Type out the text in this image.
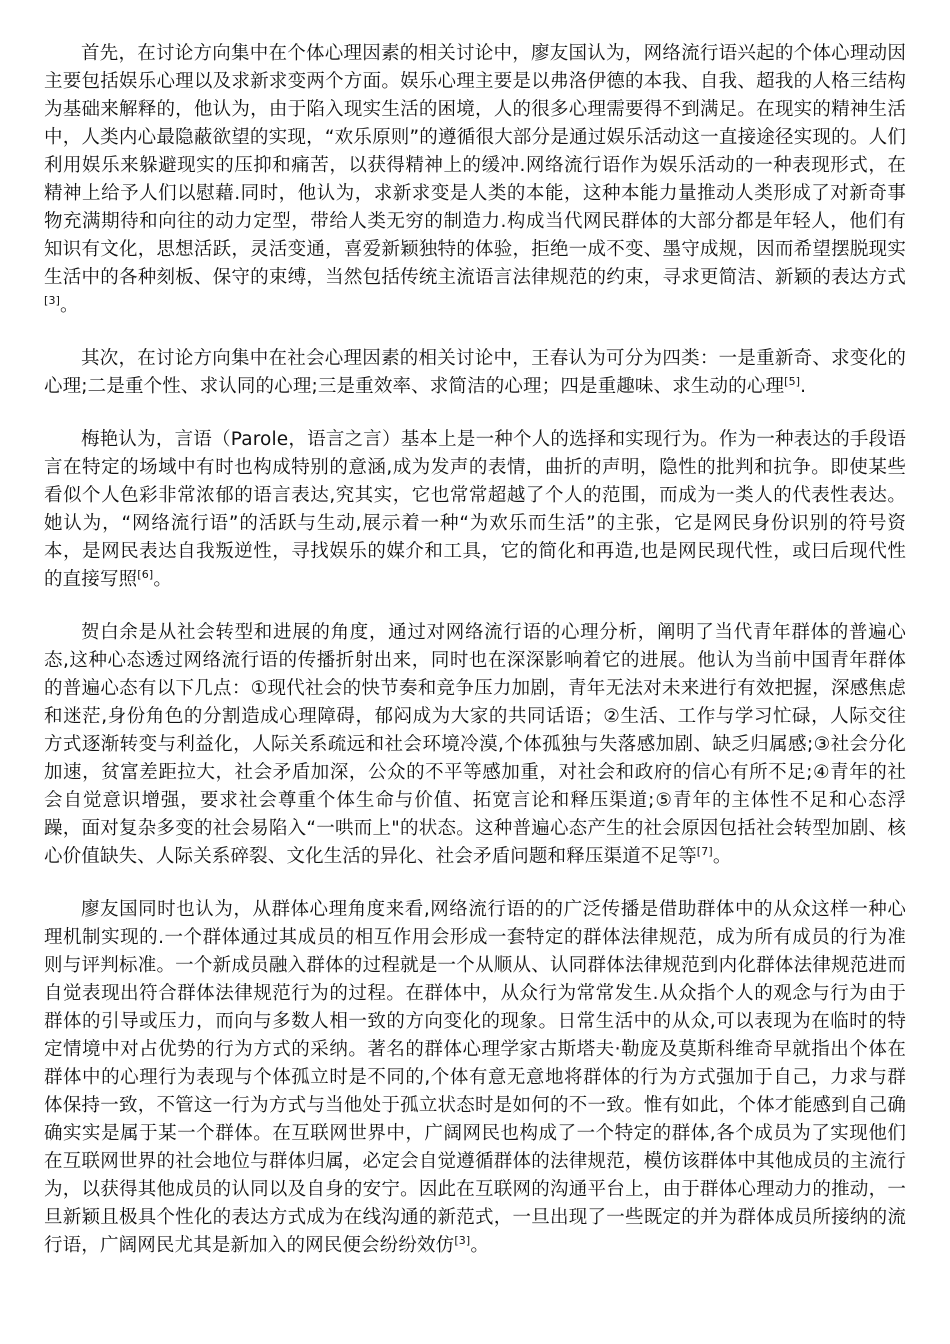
首先，在讨论方向集中在个体心理因素的相关讨论中，廖友国认为，网络流行语兴起的个体心理动因主要包括娱乐心理以及求新求变两个方面。娱乐心理主要是以弗洛伊德的本我、自我、超我的人格三结构为基础来解释的，他认为，由于陷入现实生活的困境，人的很多心理需要得不到满足。在现实的精神生活中，人类内心最隐蔽欲望的实现，“欢乐原则”的遵循很大部分是通过娱乐活动这一直接途径实现的。人们利用娱乐来躲避现实的压抑和痛苦，以获得精神上的缓冲.网络流行语作为娱乐活动的一种表现形式，在精神上给予人们以慰藉.同时，他认为，求新求变是人类的本能，这种本能力量推动人类形成了对新奇事物充满期待和向往的动力定型，带给人类无穷的制造力.构成当代网民群体的大部分都是年轻人，他们有知识有文化，思想活跃，灵活变通，喜爱新颖独特的体验，拒绝一成不变、墨守成规，因而希望摆脱现实生活中的各种刻板、保守的束缚，当然包括传统主流语言法律规范的约束，寻求更简洁、新颖的表达方式[3]。

其次，在讨论方向集中在社会心理因素的相关讨论中，王春认为可分为四类：一是重新奇、求变化的心理;二是重个性、求认同的心理;三是重效率、求简洁的心理；四是重趣味、求生动的心理[5].

梅艳认为，言语（Parole，语言之言）基本上是一种个人的选择和实现行为。作为一种表达的手段语言在特定的场域中有时也构成特别的意涵,成为发声的表情，曲折的声明，隐性的批判和抗争。即使某些看似个人色彩非常浓郁的语言表达,究其实，它也常常超越了个人的范围，而成为一类人的代表性表达。她认为，“网络流行语”的活跃与生动,展示着一种“为欢乐而生活”的主张，它是网民身份识别的符号资本，是网民表达自我叛逆性，寻找娱乐的媒介和工具，它的简化和再造,也是网民现代性，或曰后现代性的直接写照[6]。

贺白余是从社会转型和进展的角度，通过对网络流行语的心理分析，阐明了当代青年群体的普遍心态,这种心态透过网络流行语的传播折射出来，同时也在深深影响着它的进展。他认为当前中国青年群体的普遍心态有以下几点：①现代社会的快节奏和竞争压力加剧，青年无法对未来进行有效把握，深感焦虑和迷茫,身份角色的分割造成心理障碍，郁闷成为大家的共同话语；②生活、工作与学习忙碌，人际交往方式逐渐转变与利益化，人际关系疏远和社会环境冷漠,个体孤独与失落感加剧、缺乏归属感;③社会分化加速，贫富差距拉大，社会矛盾加深，公众的不平等感加重，对社会和政府的信心有所不足;④青年的社会自觉意识增强，要求社会尊重个体生命与价值、拓宽言论和释压渠道;⑤青年的主体性不足和心态浮躁，面对复杂多变的社会易陷入“一哄而上"的状态。这种普遍心态产生的社会原因包括社会转型加剧、核心价值缺失、人际关系碎裂、文化生活的异化、社会矛盾问题和释压渠道不足等[7]。

廖友国同时也认为，从群体心理角度来看,网络流行语的的广泛传播是借助群体中的从众这样一种心理机制实现的.一个群体通过其成员的相互作用会形成一套特定的群体法律规范，成为所有成员的行为准则与评判标准。一个新成员融入群体的过程就是一个从顺从、认同群体法律规范到内化群体法律规范进而自觉表现出符合群体法律规范行为的过程。在群体中，从众行为常常发生.从众指个人的观念与行为由于群体的引导或压力，而向与多数人相一致的方向变化的现象。日常生活中的从众,可以表现为在临时的特定情境中对占优势的行为方式的采纳。著名的群体心理学家古斯塔夫·勒庞及莫斯科维奇早就指出个体在群体中的心理行为表现与个体孤立时是不同的,个体有意无意地将群体的行为方式强加于自己，力求与群体保持一致，不管这一行为方式与当他处于孤立状态时是如何的不一致。惟有如此，个体才能感到自己确确实实是属于某一个群体。在互联网世界中，广阔网民也构成了一个特定的群体,各个成员为了实现他们在互联网世界的社会地位与群体归属，必定会自觉遵循群体的法律规范，模仿该群体中其他成员的主流行为，以获得其他成员的认同以及自身的安宁。因此在互联网的沟通平台上，由于群体心理动力的推动，一旦新颖且极具个性化的表达方式成为在线沟通的新范式，一旦出现了一些既定的并为群体成员所接纳的流行语，广阔网民尤其是新加入的网民便会纷纷效仿[3]。
